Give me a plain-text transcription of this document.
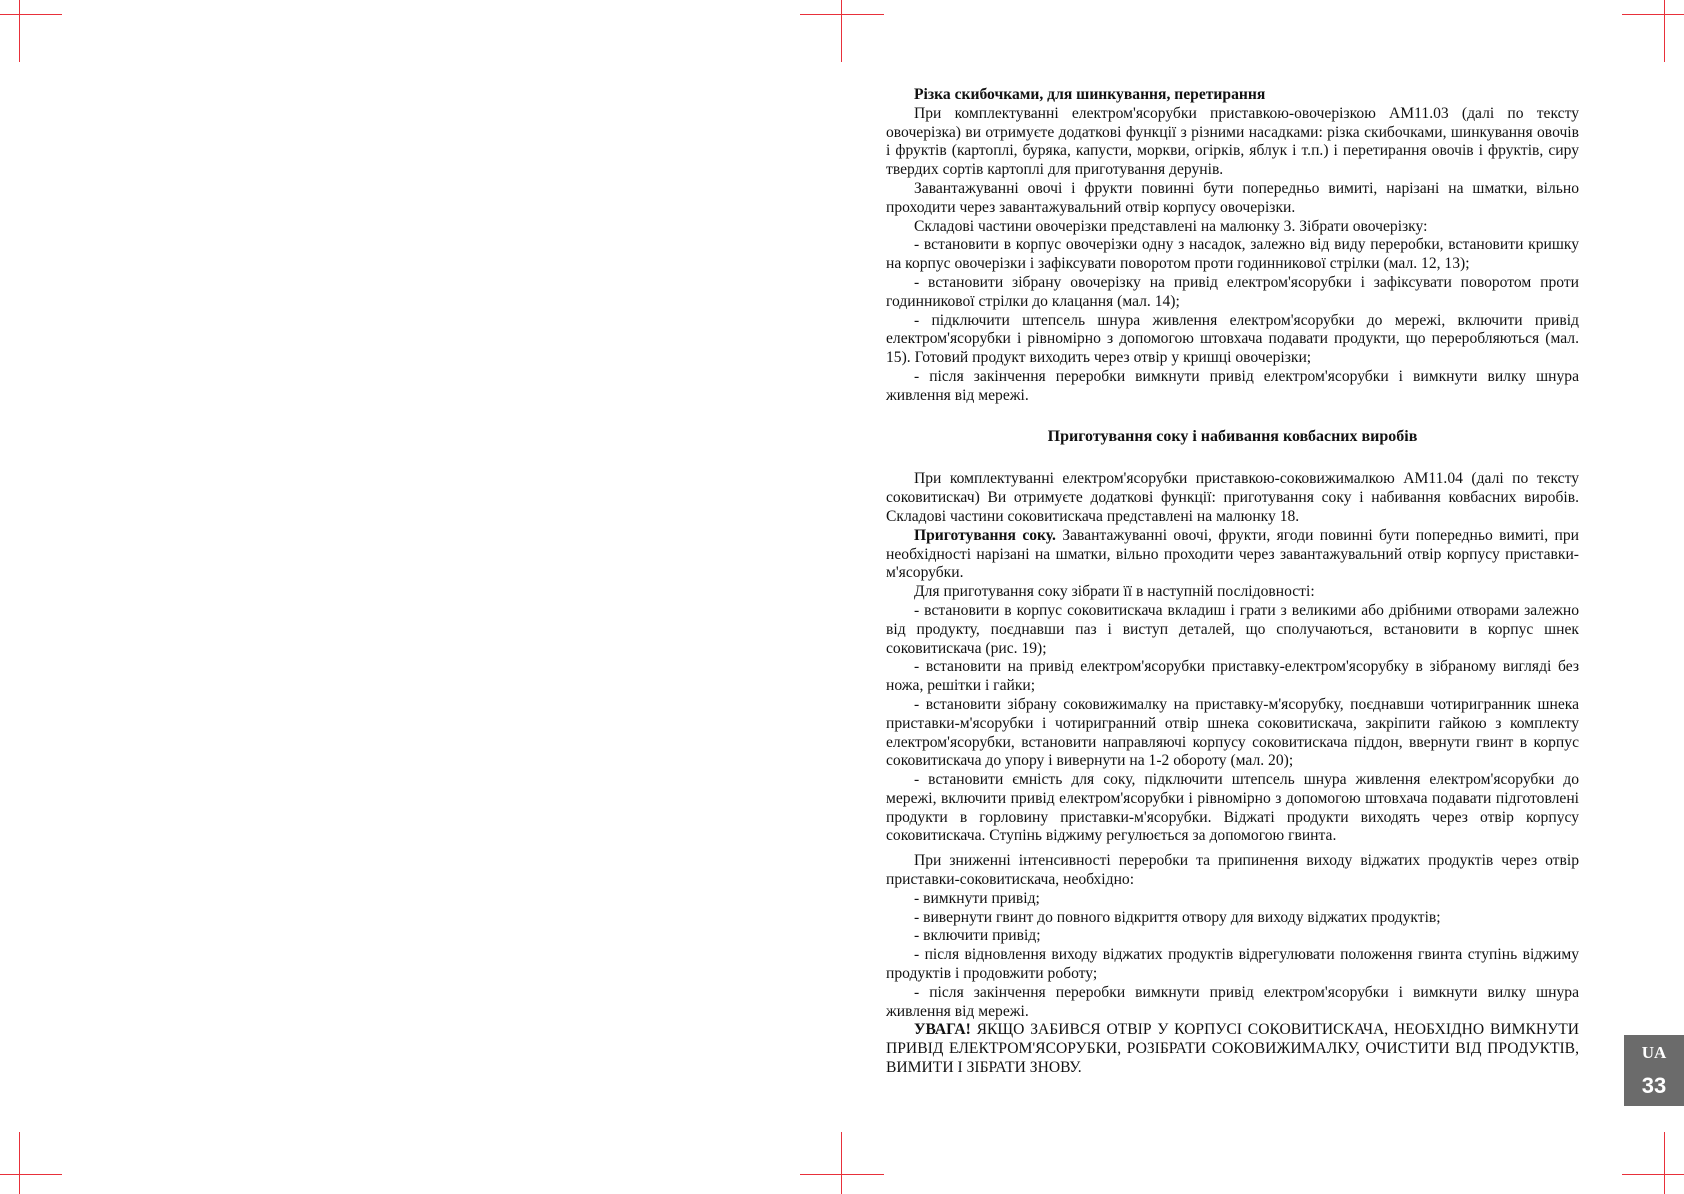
Різка скибочками, для шинкування, перетирання

При комплектуванні електром'ясорубки приставкою-овочерізкою АМ11.03 (далі по тексту овочерізка) ви отримуєте додаткові функції з різними насадками: різка скибочками, шинкування овочів і фруктів (картоплі, буряка, капусти, моркви, огірків, яблук і т.п.) і перетирання овочів і фруктів, сиру твердих сортів картоплі для приготування дерунів.

Завантажуванні овочі і фрукти повинні бути попередньо вимиті, нарізані на шматки, вільно проходити через завантажувальний отвір корпусу овочерізки.

Складові частини овочерізки представлені на малюнку 3. Зібрати овочерізку:

- встановити в корпус овочерізки одну з насадок, залежно від виду переробки, встановити кришку на корпус овочерізки і зафіксувати поворотом проти годинникової стрілки (мал. 12, 13);

- встановити зібрану овочерізку на привід електром'ясорубки і зафіксувати поворотом проти годинникової стрілки до клацання (мал. 14);

- підключити штепсель шнура живлення електром'ясорубки до мережі, включити привід електром'ясорубки і рівномірно з допомогою штовхача подавати продукти, що переробляються (мал. 15). Готовий продукт виходить через отвір у кришці овочерізки;

- після закінчення переробки вимкнути привід електром'ясорубки і вимкнути вилку шнура живлення від мережі.

Приготування соку і набивання ковбасних виробів

При комплектуванні електром'ясорубки приставкою-соковижималкою АМ11.04 (далі по тексту соковитискач) Ви отримуєте додаткові функції: приготування соку і набивання ковбасних виробів. Складові частини соковитискача представлені на малюнку 18.

Приготування соку. Завантажуванні овочі, фрукти, ягоди повинні бути попередньо вимиті, при необхідності нарізані на шматки, вільно проходити через завантажувальний отвір корпусу приставки-м'ясорубки.

Для приготування соку зібрати її в наступній послідовності:

- встановити в корпус соковитискача вкладиш і грати з великими або дрібними отворами залежно від продукту, поєднавши паз і виступ деталей, що сполучаються, встановити в корпус шнек соковитискача (рис. 19);

- встановити на привід електром'ясорубки приставку-електром'ясорубку в зібраному вигляді без ножа, решітки і гайки;

- встановити зібрану соковижималку на приставку-м'ясорубку, поєднавши чотиригранник шнека приставки-м'ясорубки і чотиригранний отвір шнека соковитискача, закріпити гайкою з комплекту електром'ясорубки, встановити направляючі корпусу соковитискача піддон, ввернути гвинт в корпус соковитискача до упору і вивернути на 1-2 обороту (мал. 20);

- встановити ємність для соку, підключити штепсель шнура живлення електром'ясорубки до мережі, включити привід електром'ясорубки і рівномірно з допомогою штовхача подавати підготовлені продукти в горловину приставки-м'ясорубки. Віджаті продукти виходять через отвір корпусу соковитискача. Ступінь віджиму регулюється за допомогою гвинта.

При зниженні інтенсивності переробки та припинення виходу віджатих продуктів через отвір приставки-соковитискача, необхідно:

- вимкнути привід;

- вивернути гвинт до повного відкриття отвору для виходу віджатих продуктів;

- включити привід;

- після відновлення виходу віджатих продуктів відрегулювати положення гвинта ступінь віджиму продуктів і продовжити роботу;

- після закінчення переробки вимкнути привід електром'ясорубки і вимкнути вилку шнура живлення від мережі.

УВАГА! ЯКЩО ЗАБИВСЯ ОТВІР У КОРПУСІ СОКОВИТИСКАЧА, НЕОБХІДНО ВИМКНУТИ ПРИВІД ЕЛЕКТРОМ'ЯСОРУБКИ, РОЗІБРАТИ СОКОВИЖИМАЛКУ, ОЧИСТИТИ ВІД ПРОДУКТІВ, ВИМИТИ І ЗІБРАТИ ЗНОВУ.

UA
33
